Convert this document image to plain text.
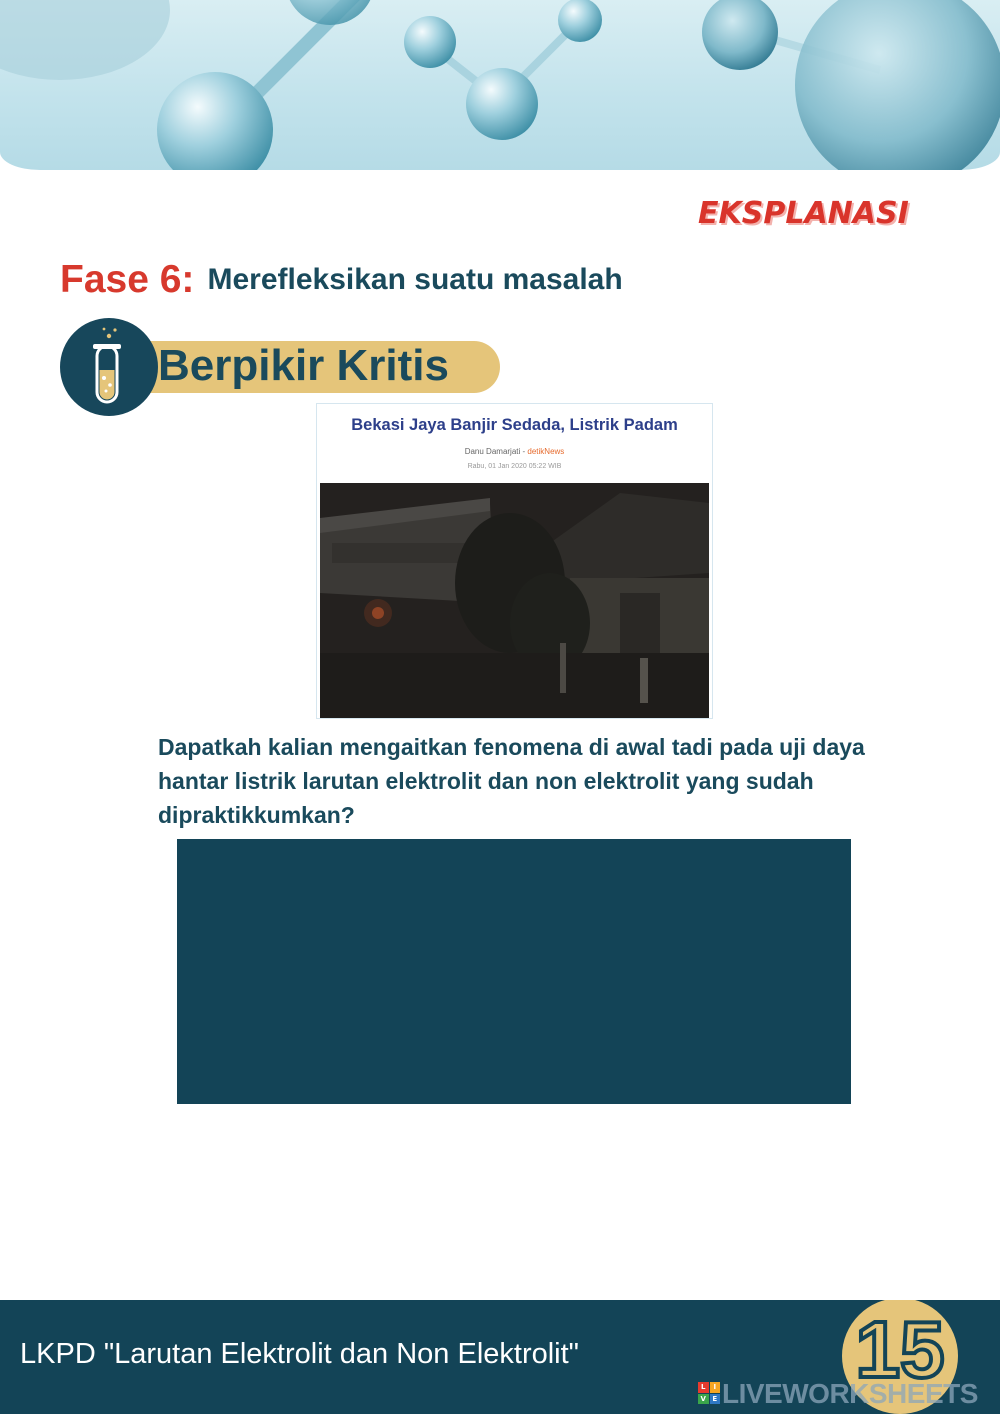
EKSPLANASI
Fase 6: Merefleksikan suatu masalah
Berpikir Kritis
Bekasi Jaya Banjir Sedada, Listrik Padam
Danu Damarjati - detikNews
Rabu, 01 Jan 2020 05:22 WIB
Dapatkah kalian mengaitkan fenomena di awal tadi pada uji daya hantar listrik larutan elektrolit dan non elektrolit yang sudah dipraktikkumkan?
LKPD "Larutan Elektrolit dan Non Elektrolit"	15
L	I
V E LIVEWORKSHEETS
